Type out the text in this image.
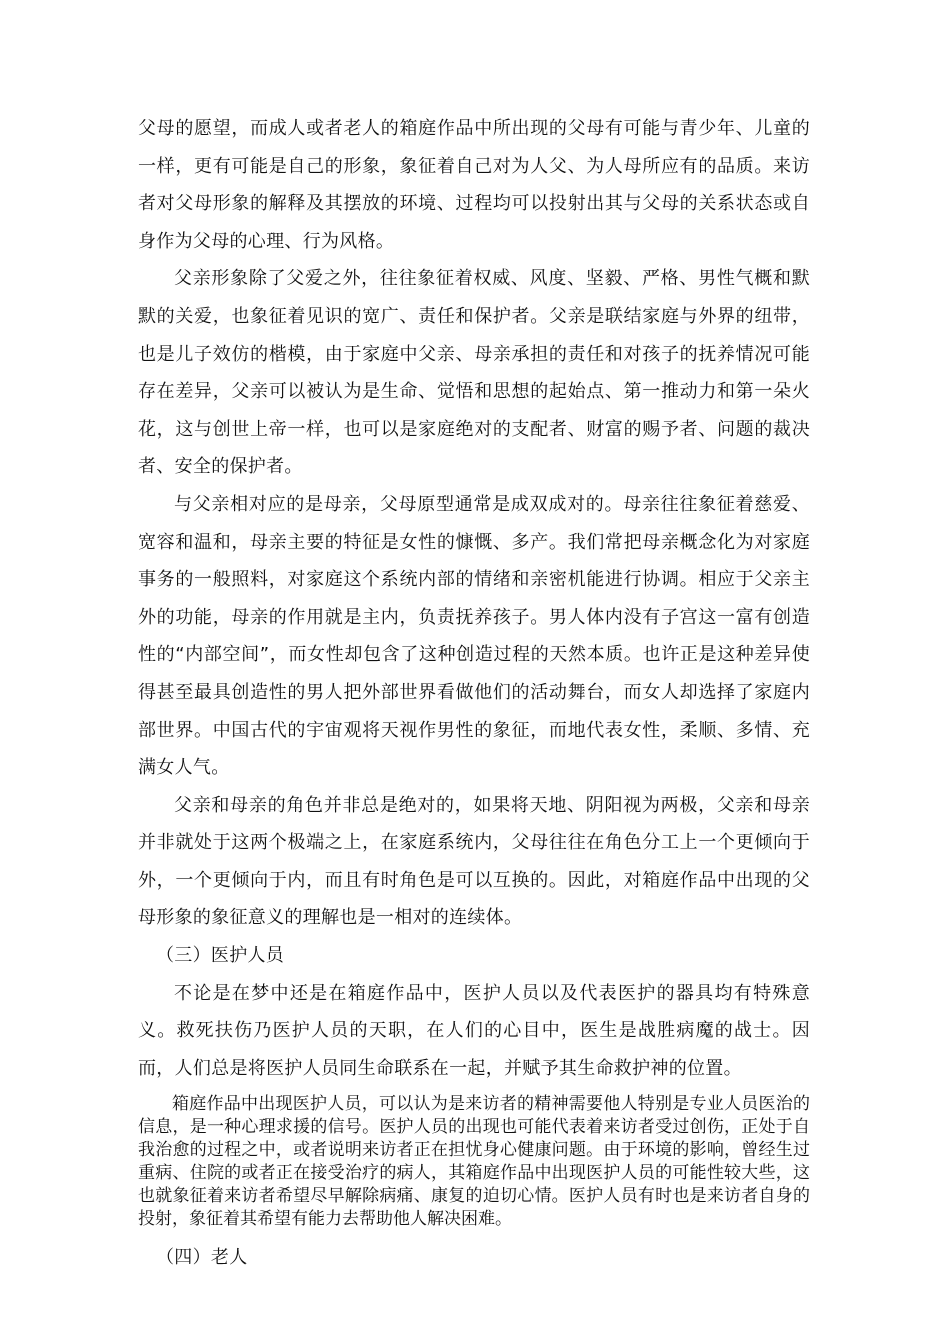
父母的愿望，而成人或者老人的箱庭作品中所出现的父母有可能与青少年、儿童的一样，更有可能是自己的形象，象征着自己对为人父、为人母所应有的品质。来访者对父母形象的解释及其摆放的环境、过程均可以投射出其与父母的关系状态或自身作为父母的心理、行为风格。

父亲形象除了父爱之外，往往象征着权威、风度、坚毅、严格、男性气概和默默的关爱，也象征着见识的宽广、责任和保护者。父亲是联结家庭与外界的纽带，也是儿子效仿的楷模，由于家庭中父亲、母亲承担的责任和对孩子的抚养情况可能存在差异，父亲可以被认为是生命、觉悟和思想的起始点、第一推动力和第一朵火花，这与创世上帝一样，也可以是家庭绝对的支配者、财富的赐予者、问题的裁决者、安全的保护者。

与父亲相对应的是母亲，父母原型通常是成双成对的。母亲往往象征着慈爱、宽容和温和，母亲主要的特征是女性的慷慨、多产。我们常把母亲概念化为对家庭事务的一般照料，对家庭这个系统内部的情绪和亲密机能进行协调。相应于父亲主外的功能，母亲的作用就是主内，负责抚养孩子。男人体内没有子宫这一富有创造性的“内部空间”，而女性却包含了这种创造过程的天然本质。也许正是这种差异使得甚至最具创造性的男人把外部世界看做他们的活动舞台，而女人却选择了家庭内部世界。中国古代的宇宙观将天视作男性的象征，而地代表女性，柔顺、多情、充满女人气。

父亲和母亲的角色并非总是绝对的，如果将天地、阴阳视为两极，父亲和母亲并非就处于这两个极端之上，在家庭系统内，父母往往在角色分工上一个更倾向于外，一个更倾向于内，而且有时角色是可以互换的。因此，对箱庭作品中出现的父母形象的象征意义的理解也是一相对的连续体。

（三）医护人员

不论是在梦中还是在箱庭作品中，医护人员以及代表医护的器具均有特殊意义。救死扶伤乃医护人员的天职，在人们的心目中，医生是战胜病魔的战士。因而，人们总是将医护人员同生命联系在一起，并赋予其生命救护神的位置。

箱庭作品中出现医护人员，可以认为是来访者的精神需要他人特别是专业人员医治的信息，是一种心理求援的信号。医护人员的出现也可能代表着来访者受过创伤，正处于自我治愈的过程之中，或者说明来访者正在担忧身心健康问题。由于环境的影响，曾经生过重病、住院的或者正在接受治疗的病人，其箱庭作品中出现医护人员的可能性较大些，这也就象征着来访者希望尽早解除病痛、康复的迫切心情。医护人员有时也是来访者自身的投射，象征着其希望有能力去帮助他人解决困难。

（四）老人
